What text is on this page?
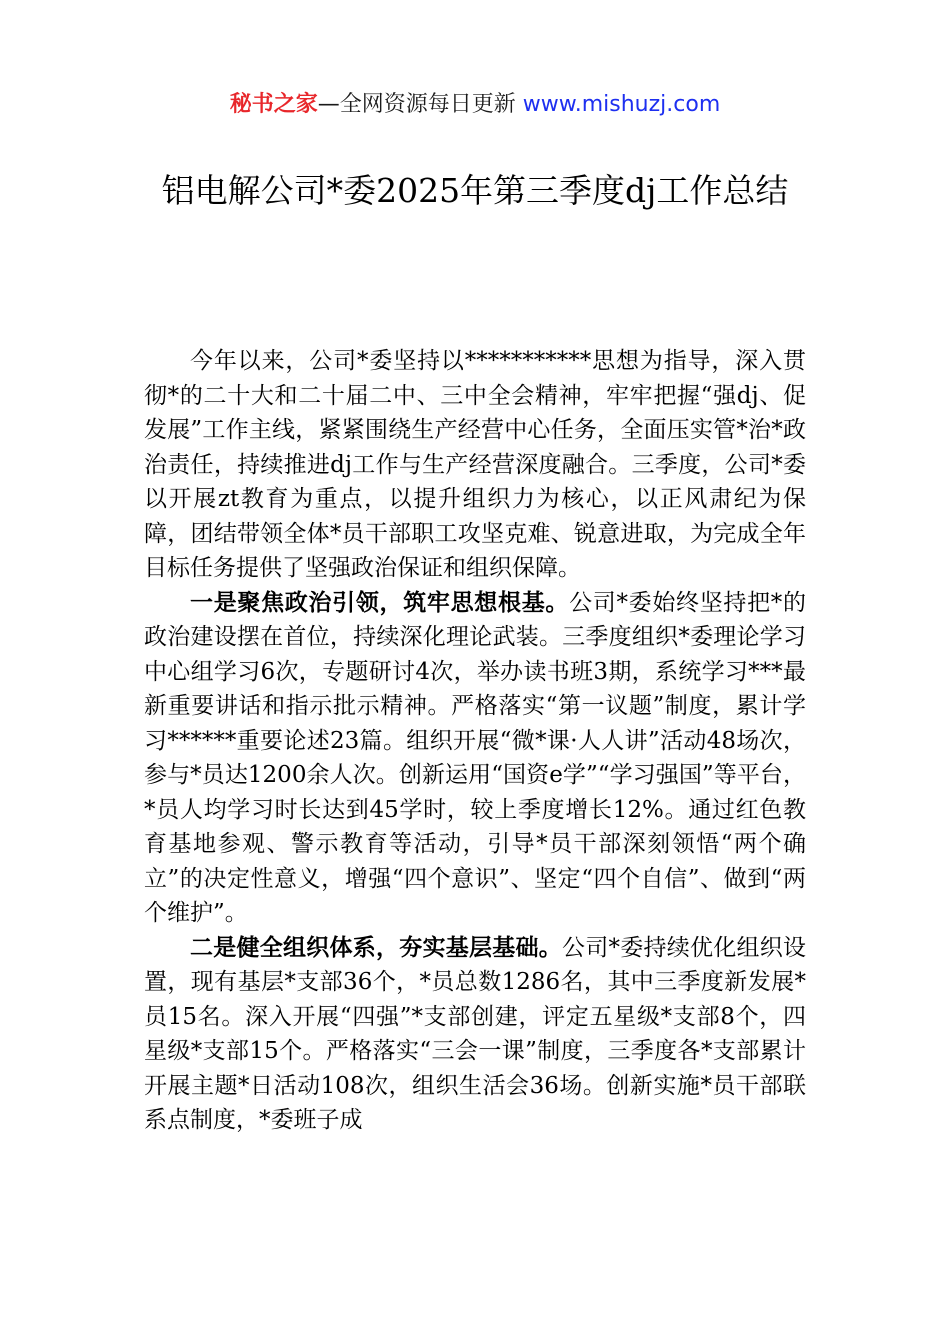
秘书之家—全网资源每日更新 www.mishuzj.com
铝电解公司*委2025年第三季度dj工作总结

今年以来，公司*委坚持以***********思想为指导，深入贯彻*的二十大和二十届二中、三中全会精神，牢牢把握“强dj、促发展”工作主线，紧紧围绕生产经营中心任务，全面压实管*治*政治责任，持续推进dj工作与生产经营深度融合。三季度，公司*委以开展zt教育为重点，以提升组织力为核心，以正风肃纪为保障，团结带领全体*员干部职工攻坚克难、锐意进取，为完成全年目标任务提供了坚强政治保证和组织保障。

一是聚焦政治引领，筑牢思想根基。公司*委始终坚持把*的政治建设摆在首位，持续深化理论武装。三季度组织*委理论学习中心组学习6次，专题研讨4次，举办读书班3期，系统学习***最新重要讲话和指示批示精神。严格落实“第一议题”制度，累计学习******重要论述23篇。组织开展“微*课·人人讲”活动48场次，参与*员达1200余人次。创新运用“国资e学”“学习强国”等平台，*员人均学习时长达到45学时，较上季度增长12%。通过红色教育基地参观、警示教育等活动，引导*员干部深刻领悟“两个确立”的决定性意义，增强“四个意识”、坚定“四个自信”、做到“两个维护”。

二是健全组织体系，夯实基层基础。公司*委持续优化组织设置，现有基层*支部36个，*员总数1286名，其中三季度新发展*员15名。深入开展“四强”*支部创建，评定五星级*支部8个，四星级*支部15个。严格落实“三会一课”制度，三季度各*支部累计开展主题*日活动108次，组织生活会36场。创新实施*员干部联系点制度，*委班子成
